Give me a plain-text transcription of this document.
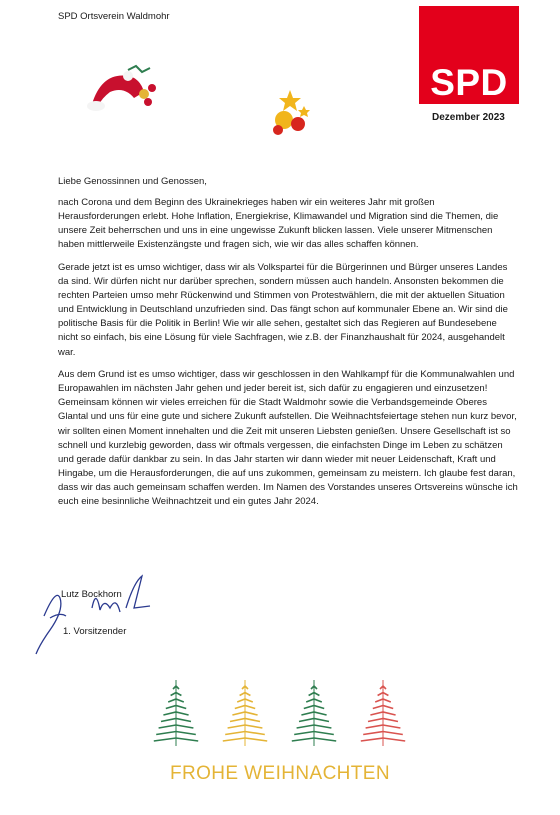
SPD Ortsverein Waldmohr
SPD
Dezember 2023

Liebe Genossinnen und Genossen,

nach Corona und dem Beginn des Ukrainekrieges haben wir ein weiteres Jahr mit großen Herausforderungen erlebt. Hohe Inflation, Energiekrise, Klimawandel und Migration sind die Themen, die unsere Zeit beherrschen und uns in eine ungewisse Zukunft blicken lassen. Viele unserer Mitmenschen haben mittlerweile Existenzängste und fragen sich, wie wir das alles schaffen können.

Gerade jetzt ist es umso wichtiger, dass wir als Volkspartei für die Bürgerinnen und Bürger unseres Landes da sind. Wir dürfen nicht nur darüber sprechen, sondern müssen auch handeln. Ansonsten bekommen die rechten Parteien umso mehr Rückenwind und Stimmen von Protestwählern, die mit der aktuellen Situation und Entwicklung in Deutschland unzufrieden sind. Das fängt schon auf kommunaler Ebene an. Wir sind die politische Basis für die Politik in Berlin! Wie wir alle sehen, gestaltet sich das Regieren auf Bundesebene nicht so einfach, bis eine Lösung für viele Sachfragen, wie z.B. der Finanzhaushalt für 2024, ausgehandelt war.

Aus dem Grund ist es umso wichtiger, dass wir geschlossen in den Wahlkampf für die Kommunalwahlen und Europawahlen im nächsten Jahr gehen und jeder bereit ist, sich dafür zu engagieren und einzusetzen! Gemeinsam können wir vieles erreichen für die Stadt Waldmohr sowie die Verbandsgemeinde Oberes Glantal und uns für eine gute und sichere Zukunft aufstellen. Die Weihnachtsfeiertage stehen nun kurz bevor, wir sollten einen Moment innehalten und die Zeit mit unseren Liebsten genießen. Unsere Gesellschaft ist so schnell und kurzlebig geworden, dass wir oftmals vergessen, die einfachsten Dinge im Leben zu schätzen und gerade dafür dankbar zu sein. In das Jahr starten wir dann wieder mit neuer Leidenschaft, Kraft und Hingabe, um die Herausforderungen, die auf uns zukommen, gemeinsam zu meistern. Ich glaube fest daran, dass wir das auch gemeinsam schaffen werden. Im Namen des Vorstandes unseres Ortsvereins wünsche ich euch eine besinnliche Weihnachtzeit und ein gutes Jahr 2024.

Lutz Bockhorn
1. Vorsitzender
FROHE WEIHNACHTEN
